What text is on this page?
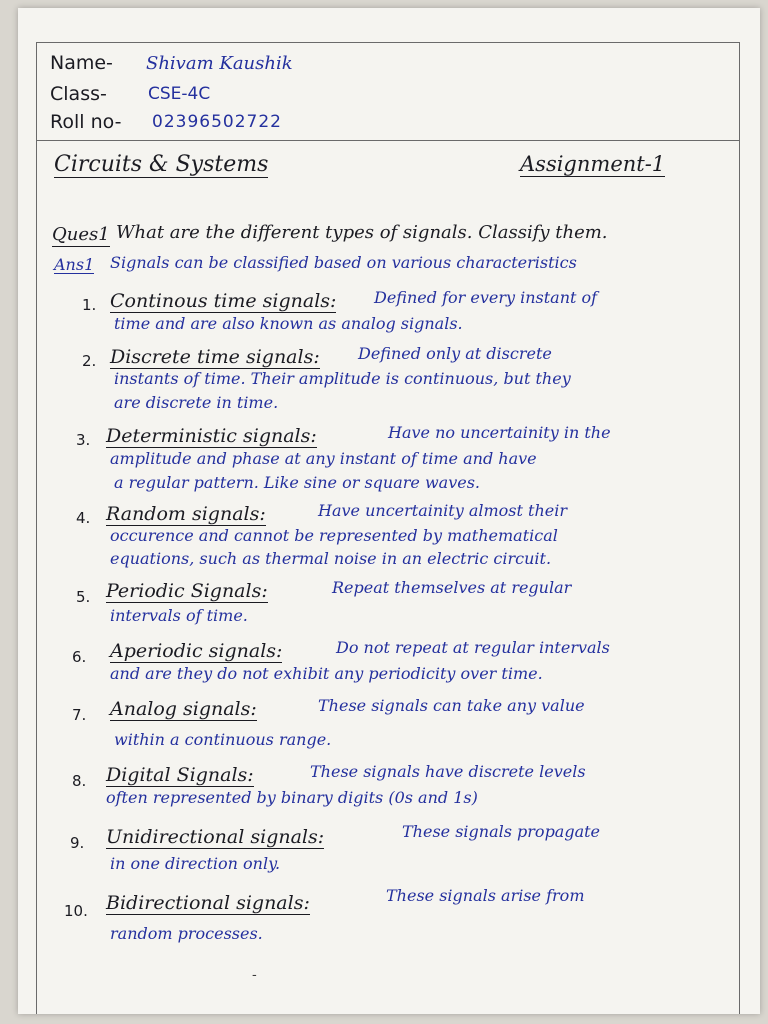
Name- Shivam Kaushik
Class- CSE-4C
Roll no- 02396502722
Circuits & Systems	Assignment-1
Ques1 What are the different types of signals. Classify them.
Ans1 Signals can be classified based on various characteristics
1. Continous time signals: Defined for every instant of
time and are also known as analog signals.
2. Discrete time signals: Defined only at discrete
instants of time. Their amplitude is continuous, but they
are discrete in time.
3. Deterministic signals:	Have no uncertainity in the
amplitude and phase at any instant of time and have
a regular pattern. Like sine or square waves.
4. Random signals:	Have uncertainity almost their
occurence and cannot be represented by mathematical
equations, such as thermal noise in an electric circuit.
5. Periodic Signals:	Repeat themselves at regular
intervals of time.
6. Aperiodic signals:	Do not repeat at regular intervals
and are they do not exhibit any periodicity over time.
7. Analog signals:	These signals can take any value
within a continuous range.
8. Digital Signals:	These signals have discrete levels
often represented by binary digits (0s and 1s)
9. Unidirectional signals:	These signals propagate
in one direction only.
10. Bidirectional signals:	These signals arise from
random processes.
-
